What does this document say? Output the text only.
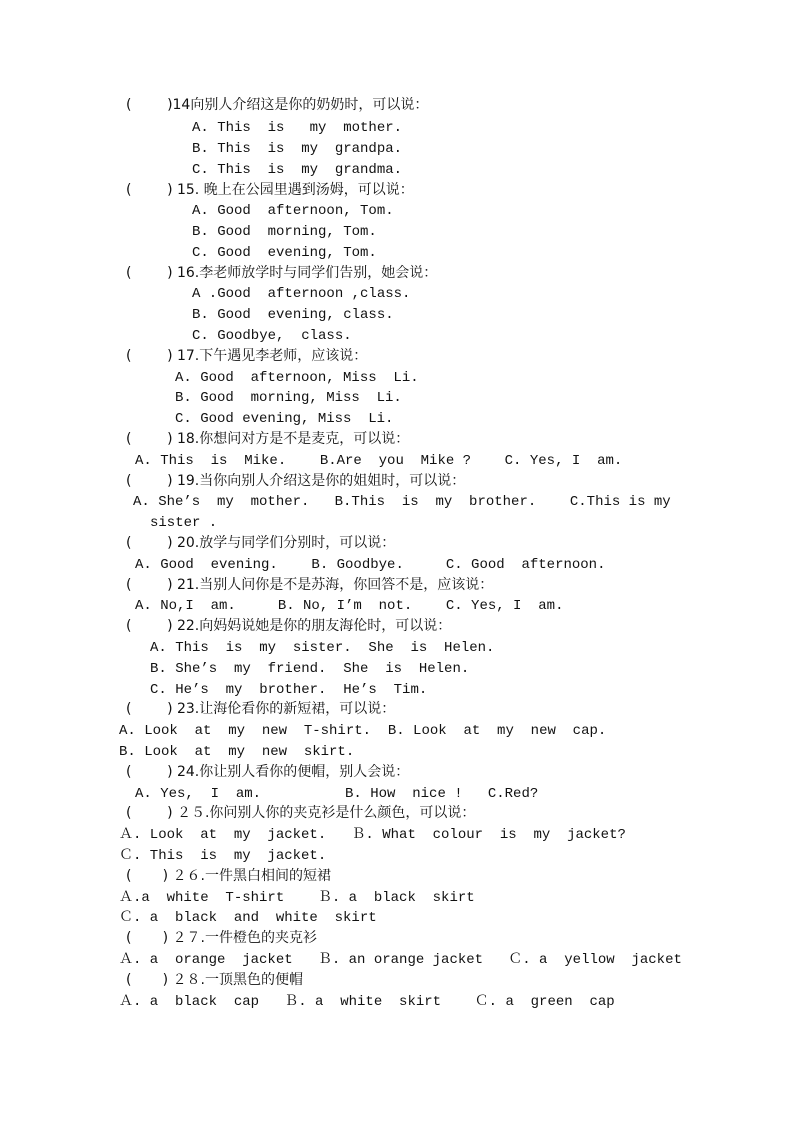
(        )14向别人介绍这是你的奶奶时，可以说：
A. This  is   my  mother.
B. This  is  my  grandpa.
C. This  is  my  grandma.
(        ) 15. 晚上在公园里遇到汤姆，可以说：
A. Good  afternoon, Tom.
B. Good  morning, Tom.
C. Good  evening, Tom.
(        ) 16.李老师放学时与同学们告别，她会说：
A .Good  afternoon ,class.
B. Good  evening, class.
C. Goodbye,  class.
(        ) 17.下午遇见李老师，应该说：
A. Good  afternoon, Miss  Li.
B. Good  morning, Miss  Li.
C. Good evening, Miss  Li.
(        ) 18.你想问对方是不是麦克，可以说：
A. This  is  Mike.    B.Are  you  Mike ?    C. Yes, I  am.
(        ) 19.当你向别人介绍这是你的姐姐时，可以说：
A. She’s  my  mother.   B.This  is  my  brother.    C.This is my
sister .
(        ) 20.放学与同学们分别时，可以说：
A. Good  evening.    B. Goodbye.     C. Good  afternoon.
(        ) 21.当别人问你是不是苏海，你回答不是，应该说：
A. No,I  am.     B. No, I’m  not.    C. Yes, I  am.
(        ) 22.向妈妈说她是你的朋友海伦时，可以说：
A. This  is  my  sister.  She  is  Helen.
B. She’s  my  friend.  She  is  Helen.
C. He’s  my  brother.  He’s  Tim.
(        ) 23.让海伦看你的新短裙，可以说：
A. Look  at  my  new  T-shirt.  B. Look  at  my  new  cap.
B. Look  at  my  new  skirt.
(        ) 24.你让别人看你的便帽，别人会说：
A. Yes,  I  am.          B. How  nice !   C.Red?
(        ) ２５.你问别人你的夹克衫是什么颜色，可以说：
Ａ. Look  at  my  jacket.   Ｂ. What  colour  is  my  jacket?
Ｃ. This  is  my  jacket.
(       ) ２６.一件黑白相间的短裙
Ａ.a  white  T-shirt    Ｂ. a  black  skirt
Ｃ. a  black  and  white  skirt
(       ) ２７.一件橙色的夹克衫
Ａ. a  orange  jacket   Ｂ. an orange jacket   Ｃ. a  yellow  jacket
(       ) ２８.一顶黑色的便帽
Ａ. a  black  cap   Ｂ. a  white  skirt    Ｃ. a  green  cap
